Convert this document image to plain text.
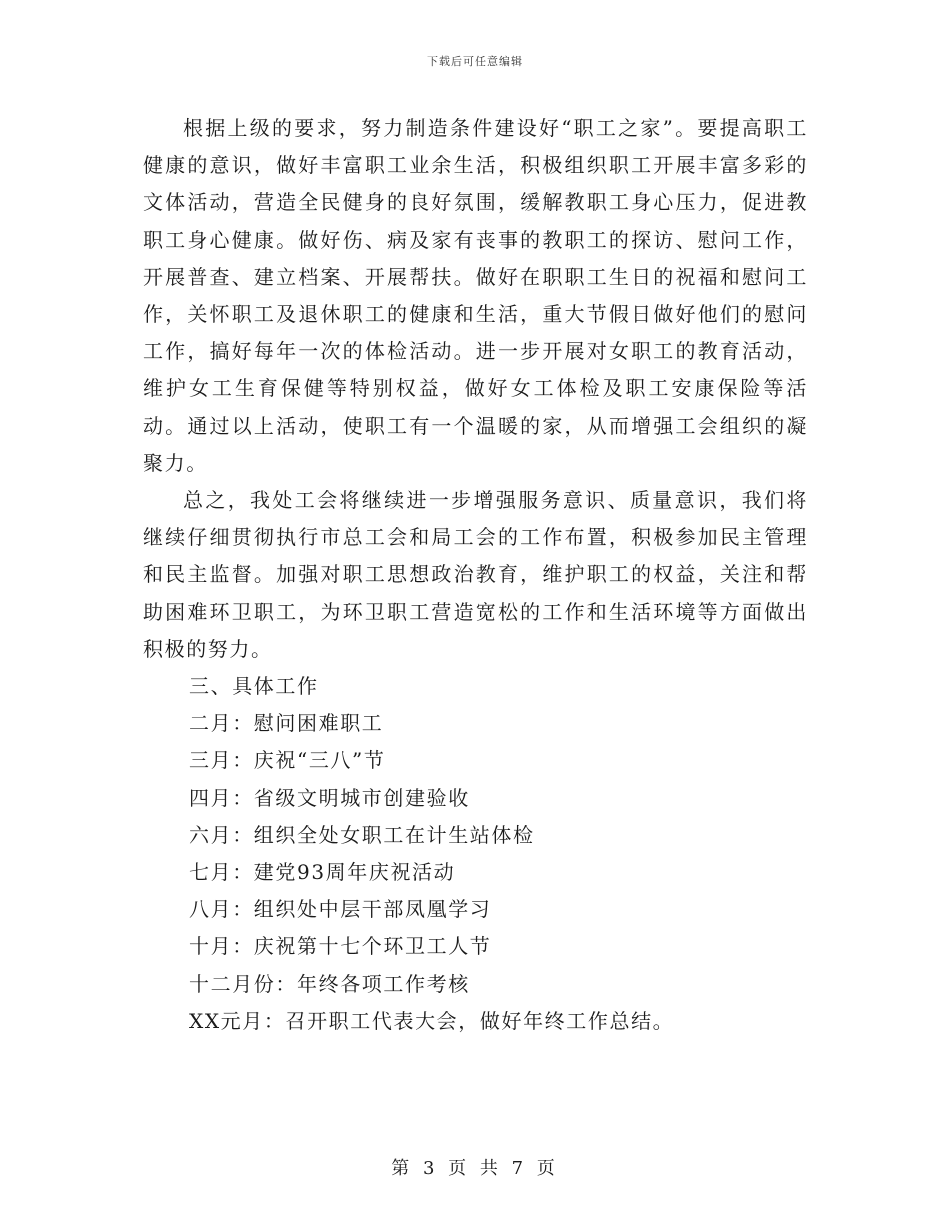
下载后可任意编辑

根据上级的要求，努力制造条件建设好“职工之家”。要提高职工健康的意识，做好丰富职工业余生活，积极组织职工开展丰富多彩的文体活动，营造全民健身的良好氛围，缓解教职工身心压力，促进教职工身心健康。做好伤、病及家有丧事的教职工的探访、慰问工作，开展普查、建立档案、开展帮扶。做好在职职工生日的祝福和慰问工作，关怀职工及退休职工的健康和生活，重大节假日做好他们的慰问工作，搞好每年一次的体检活动。进一步开展对女职工的教育活动，维护女工生育保健等特别权益，做好女工体检及职工安康保险等活动。通过以上活动，使职工有一个温暖的家，从而增强工会组织的凝聚力。

总之，我处工会将继续进一步增强服务意识、质量意识，我们将继续仔细贯彻执行市总工会和局工会的工作布置，积极参加民主管理和民主监督。加强对职工思想政治教育，维护职工的权益，关注和帮助困难环卫职工，为环卫职工营造宽松的工作和生活环境等方面做出积极的努力。

三、具体工作

二月：慰问困难职工
三月：庆祝“三八”节
四月：省级文明城市创建验收
六月：组织全处女职工在计生站体检
七月：建党93周年庆祝活动
八月：组织处中层干部凤凰学习
十月：庆祝第十七个环卫工人节
十二月份：年终各项工作考核
XX元月：召开职工代表大会，做好年终工作总结。
第 3 页 共 7 页
